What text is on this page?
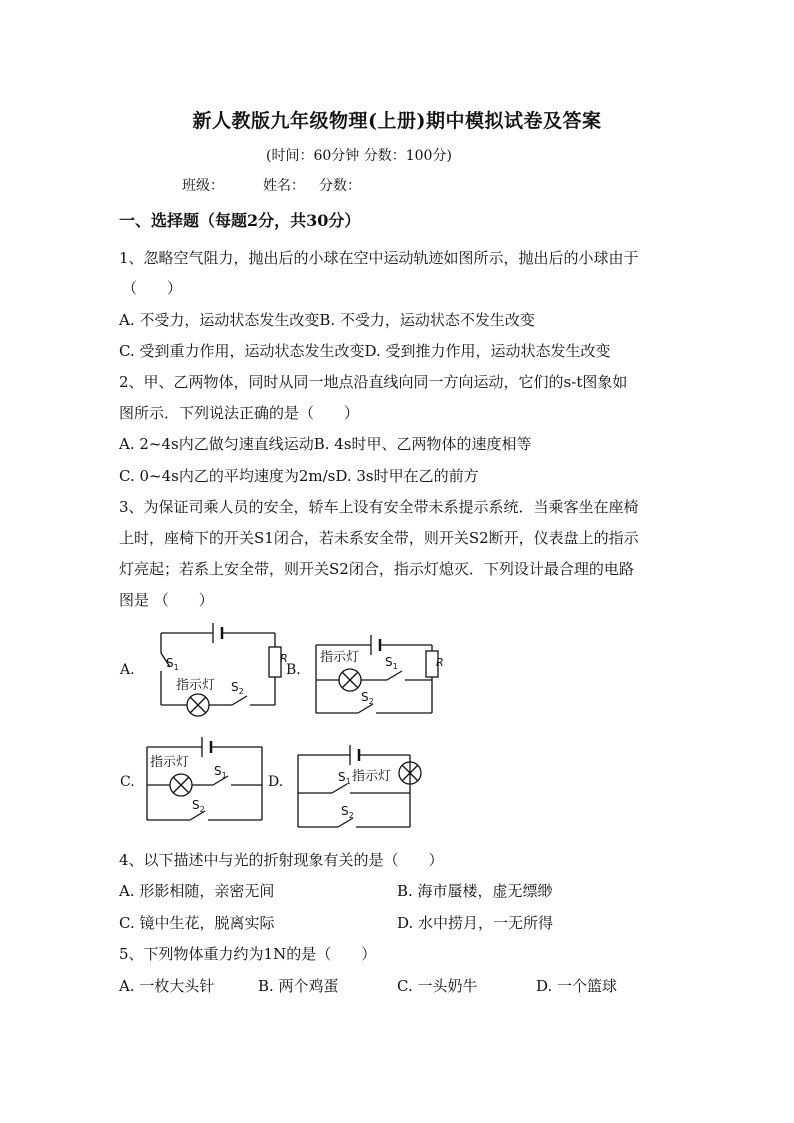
新人教版九年级物理(上册)期中模拟试卷及答案
(时间：60分钟 分数：100分)
班级：	姓名： 分数：
一、选择题（每题2分，共30分）
1、忽略空气阻力，抛出后的小球在空中运动轨迹如图所示，抛出后的小球由于
（　　）
A. 不受力，运动状态发生改变B. 不受力，运动状态不发生改变
C. 受到重力作用，运动状态发生改变D. 受到推力作用，运动状态发生改变
2、甲、乙两物体，同时从同一地点沿直线向同一方向运动，它们的s-t图象如
图所示．下列说法正确的是（　　）
A. 2~4s内乙做匀速直线运动B. 4s时甲、乙两物体的速度相等
C. 0~4s内乙的平均速度为2m/sD. 3s时甲在乙的前方
3、为保证司乘人员的安全，轿车上设有安全带未系提示系统．当乘客坐在座椅
上时，座椅下的开关S1闭合，若未系安全带，则开关S2断开，仪表盘上的指示
灯亮起；若系上安全带，则开关S2闭合，指示灯熄灭．下列设计最合理的电路
图是 （　　）
$S_1$
指示灯 $S_2$
R 指示灯 $S_1$	R
$S_2$
指示灯
$S_1$
$S_2$
$S_1$ 指示灯
$S_2$
A.	B.
C.	D.
4、以下描述中与光的折射现象有关的是（　　）
A. 形影相随，亲密无间	B. 海市蜃楼，虚无缥缈
C. 镜中生花，脱离实际	D. 水中捞月，一无所得
5、下列物体重力约为1N的是（　　）
A. 一枚大头针	B. 两个鸡蛋	C. 一头奶牛	D. 一个篮球
